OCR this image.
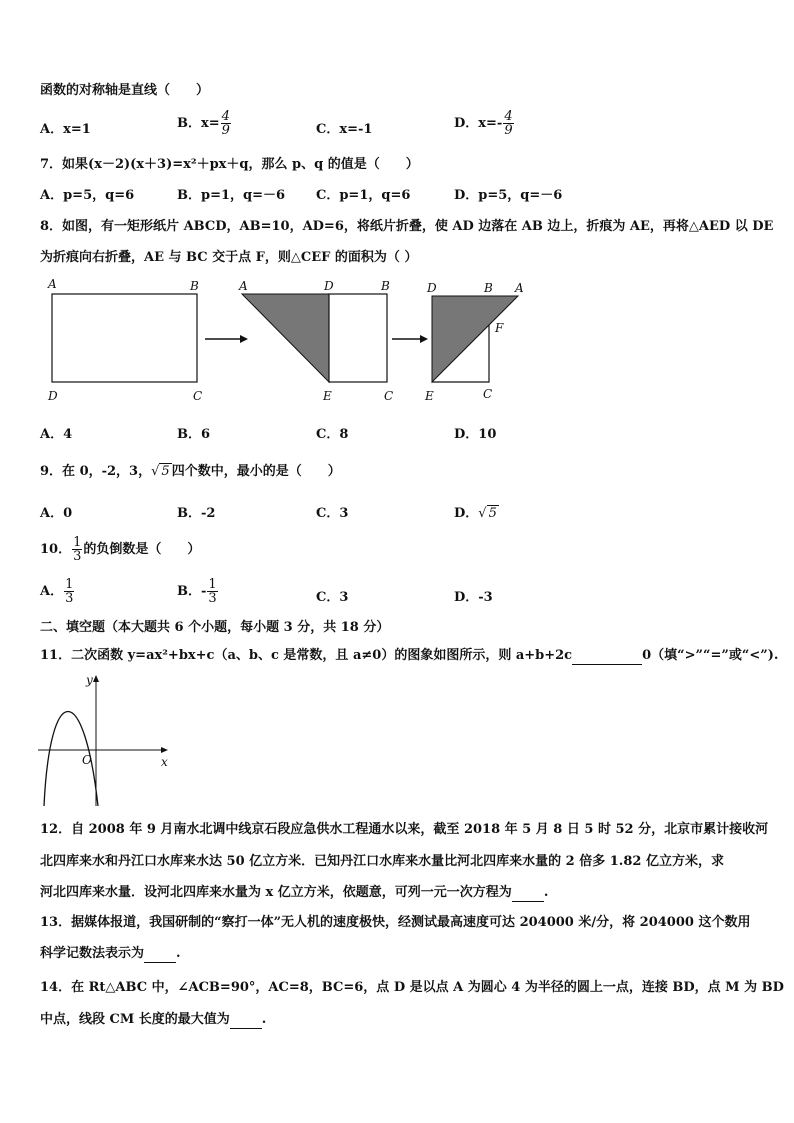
函数的对称轴是直线（　　）
A．x=1	B．$x= \frac{4}{9}$	C．x=-1	D．$x=- \frac{4}{9}$
7．如果(x－2)(x＋3)=x²＋px＋q，那么 p、q 的值是（　　）
A．p=5，q=6	B．p=1，q=－6 C．p=1，q=6	D．p=5，q=－6
8．如图，有一矩形纸片 ABCD，AB=10，AD=6，将纸片折叠，使 AD 边落在 AB 边上，折痕为 AE，再将△AED 以 DE
为折痕向右折叠，AE 与 BC 交于点 F，则△CEF 的面积为（ ）
A	B
D	C
A	D	B
E	C
D	B A
F
E	C
A．4	B．6	C．8	D．10
9．在 0，-2，3，√ 5 四个数中，最小的是（　　）
A．0	B．-2	C．3	D．√ 5
10． $\frac{1}{3}$ 的负倒数是（　　）
A． $\frac{1}{3}$	B．- $\frac{1}{3}$	C．3	D．-3
二、填空题（本大题共 6 个小题，每小题 3 分，共 18 分）
11．二次函数 y=ax²+bx+c（a、b、c 是常数，且 a≠0）的图象如图所示，则 a+b+2c	0（填“>”“=”或“<”).
y
x
O
12．自 2008 年 9 月南水北调中线京石段应急供水工程通水以来，截至 2018 年 5 月 8 日 5 时 52 分，北京市累计接收河
北四库来水和丹江口水库来水达 50 亿立方米．已知丹江口水库来水量比河北四库来水量的 2 倍多 1.82 亿立方米，求
河北四库来水量．设河北四库来水量为 x 亿立方米，依题意，可列一元一次方程为 .
13．据媒体报道，我国研制的“察打一体”无人机的速度极快，经测试最高速度可达 204000 米/分，将 204000 这个数用
科学记数法表示为 .
14．在 Rt△ABC 中，∠ACB=90°，AC=8，BC=6，点 D 是以点 A 为圆心 4 为半径的圆上一点，连接 BD，点 M 为 BD
中点，线段 CM 长度的最大值为 .
